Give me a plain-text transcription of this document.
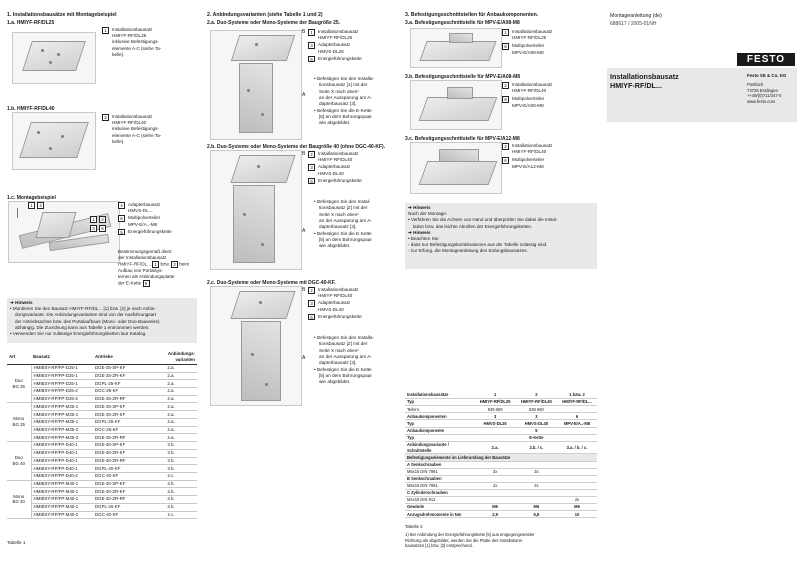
1. Installationsbausätze mit Montagebeispiel
1.a. HMIYF-RF/DL25
1	Installationsbausatz
HMIYF-RF/DL25
inklusive Befestigungs-
elemente A-C (siehe Ta-
belle).
1.b. HMIYF-RF/DL40
2	Installationsbausatz
HMIYF-RF/DL40
inklusive Befestigungs-
elemente A-C (siehe Ta-
belle).
1.c. Montagebeispiel
1	4
1	2
3	5
4	Adapterbausatz
HMVS-DL...
6	Multipolverteiler
MPV-E/A..-M8
5	Energieführungskette
Bestimmungsgemäß dient
der Installationsbausatz
HMIYF-RF/DL... 1 bzw. 2 beim Aufbau von Portalsys-
temen als Anbindungsplatte
der E-Kette 5
➔ Hinweis
• Montieren Sie den Bausatz HMIYF-RF/DL... [1] bzw. [2] je nach Anbin-
dungsvariante. Die Anbindungsvarianten sind von der Ausführungsart
der Antriebsachse bzw. des Portalaufbaus (Mono- oder Duo-Bauweise)
abhängig. Die Zuordnung kann aus Tabelle 1 entnommen werden.
• Verwenden Sie nur zulässige Energieführungsketten laut Katalog.
Art	Bausatz	Antriebe	Anbindungs-
varianten
Duo
BG 25	HMIBSY-RP/FP-D25-1	DGE-25-SP-KF	2.a.
	HMIBSY-RP/FP-D25-1	DGE-25-ZR-KF	2.a.
	HMIBSY-RP/FP-D25-1	DGPL-25-KF	2.a.
	HMIBSY-RP/FP-D25-2	DGC-25-KF	2.a.
	HMIBSY-RP/FP-D25-3	DGE-25-ZR-RF	2.a.
Mono
BG 25	HMIBSY-RP/FP-M25-1	DGE-25-SP-KF	2.a.
	HMIBSY-RP/FP-M25-1	DGE-25-ZR-KF	2.a.
	HMIBSY-RP/FP-M25-1	DGPL-25-KF	2.a.
	HMIBSY-RP/FP-M25-2	DGC-25-KF	2.a.
	HMIBSY-RP/FP-M25-3	DGE-25-ZR-RF	2.a.
Duo
BG 40	HMIBSY-RP/FP-D40-1	DGE-40-SP-KF	2.b.
	HMIBSY-RP/FP-D40-1	DGE-40-ZR-KF	2.b.
	HMIBSY-RP/FP-D40-1	DGE-40-ZR-RF	2.b.
	HMIBSY-RP/FP-D40-1	DGPL-40-KF	2.b.
	HMIBSY-RP/FP-D40-2	DGC-40-KF	2.c.
Mono
BG 40	HMIBSY-RP/FP-M40-1	DGE-40-SP-KF	2.b.
	HMIBSY-RP/FP-M40-1	DGE-40-ZR-KF	2.b.
	HMIBSY-RP/FP-M40-1	DGE-40-ZR-RF	2.b.
	HMIBSY-RP/FP-M40-1	DGPL-40-KF	2.b.
	HMIBSY-RP/FP-M40-2	DGC-40-KF	2.c.
Tabelle 1
2. Anbindungsvarianten (siehe Tabelle 1 und 2)
2.a. Duo-Systeme oder Mono-Systeme der Baugröße 25.
B
A
1	Installationsbausatz
HMIYF-RF/DL25
3	Adapterbausatz
HMVS-DL25
5	Energieführungskette
• Befestigen Sie den Installa-
tionsbausatz [1] mit der
Seite X nach oben¹
an der Aussparung am A-
dapterbausatz [3].
• Befestigen Sie die E-Kette
[5] an dem Bohrungspaar
wie abgebildet.
2.b. Duo-Systeme oder Mono-Systeme der Baugröße 40 (ohne DGC-40-KF).
B
A
2	Installationsbausatz
HMIYF-RF/DL40
3	Adapterbausatz
HMVS-DL40
5	Energieführungskette
• Befestigen Sie den Instal-
tionsbausatz [2] mit der
Seite X nach oben¹
an der Aussparung am A-
dapterbausatz [3].
• Befestigen Sie die E-Kette
[5] an dem Bohrungspaar
wie abgebildet.
2.c. Duo-Systeme oder Mono-Systeme mit DGC-40-KF.
B
A
2	Installationsbausatz
HMIYF-RF/DL40
3	Adapterbausatz
HMVS-DL40
5	Energieführungskette
• Befestigen Sie den Installa-
tionsbausatz [2] mit der
Seite X nach oben¹
an der Aussparung am A-
dapterbausatz [3].
• Befestigen Sie die E-Kette
[5] an dem Bohrungspaar
wie abgebildet.
3. Befestigungsschnittstellen für Anbaukomponenten.
3.a. Befestigungsschnittstelle für MPV-E/A08-M8
1	Installationsbausatz
HMIYF-RF/DL25
6	Multipolverteiler
MPV-E/A08-M8
3.b. Befestigungsschnittstelle für MPV-E/A08-M8
2	Installationsbausatz
HMIYF-RF/DL40
6	Multipolverteiler
MPV-E/A08-M8
3.c. Befestigungsschnittstelle für MPV-E/A12-M8
2	Installationsbausatz
HMIYF-RF/DL40
6	Multipolverteiler
MPV-E/A12-M8
➔ Hinweis
Nach der Montage:
• Verfahren Sie die Achsen von Hand und überprüfen Sie dabei die Instal-
lation bzw. das leichte Abrollen der Energieführungsketten.
➔ Hinweis
• Beachten Sie:
- dass nur Befestigungskombinationen aus der Tabelle zulässig sind.
- zur Erfung, die Montageanleitung des Erdungsbausatzes.
Installationsbausätze	1	2	1 bzw. 2
Typ	HMIYF-RF/DL25	HMIYF-RF/DL40	HMIYF-RF/DL...
Teilenr.	539 659	539 660	
Anbaukomponenten	3	3	6
Typ	HMVS-DL25	HMVS-DL40	MPV-E/A..-M8
Anbaukomponente		5	
Typ		E-Kette	
Anbindungsvariante /
Schnittstelle	2.a.	2.b. / c.	3.a. / b. / c.
Befestigungselemente im Lieferumfang der Bausätze			
A Senkschrauben			
M5x16 DIN 7991	3x	3x	
B Senkschrauben			
M6x16 DIN 7991	2x	2x	
C Zylinderschrauben			
M4x18 DIN 912			2x
Gewinde	M6	M6	M6
Anzugsdrehmomente in Nm	2,9	5,8	10
Tabelle 2
1) Bei Anbindung der Energieführungskette [5] aus entgegengesetzter
Richtung als abgebildet, werden Sie die Platte des Installations-
bausatzes [1] bzw. [2] entsprechend.
Montageanleitung (de)
688617 / 2005-01NH
FESTO
Installationsbausatz
HMIYF-RF/DL...
Festo SE & Co. KG
Postfach
73726 Esslingen
++49/(0)711/347-0
www.festo.com
